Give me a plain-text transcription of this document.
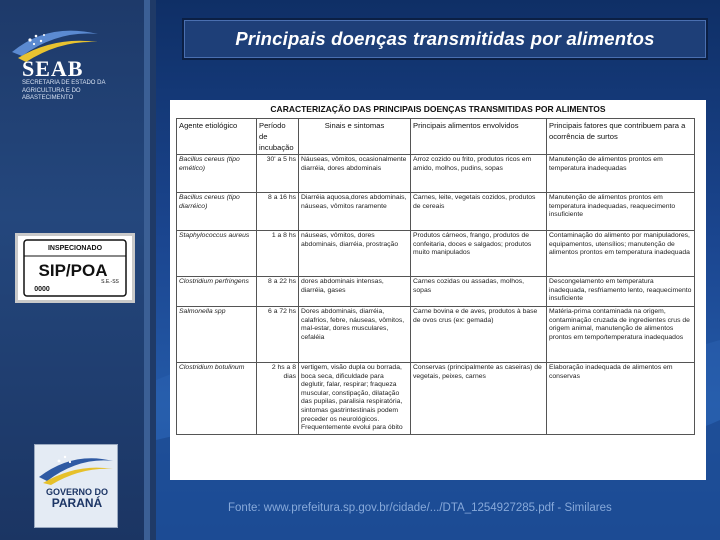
SEAB
SECRETARIA DE ESTADO DA AGRICULTURA E DO ABASTECIMENTO
INSPECIONADO
SIP/POA
0000
S.E.-SS
GOVERNO DO
PARANÁ
Principais doenças transmitidas por alimentos
CARACTERIZAÇÃO DAS PRINCIPAIS DOENÇAS TRANSMITIDAS POR ALIMENTOS
Agente etiológico	Período de incubação	Sinais e sintomas	Principais alimentos envolvidos	Principais fatores que contribuem para a ocorrência de surtos
Bacillus cereus (tipo emético)	30' a 5 hs	Náuseas, vômitos, ocasionalmente diarréia, dores abdominais	Arroz cozido ou frito, produtos ricos em amido, molhos, pudins, sopas	Manutenção de alimentos prontos em temperatura inadequadas
Bacillus cereus (tipo diarréico)	8 a 16 hs	Diarréia aquosa,dores abdominais, náuseas, vômitos raramente	Carnes, leite, vegetais cozidos, produtos de cereais	Manutenção de alimentos prontos em temperatura inadequadas, reaquecimento insuficiente
Staphylococcus aureus	1 a 8 hs	náuseas, vômitos, dores abdominais, diarréia, prostração	Produtos cárneos, frango, produtos de confeitaria, doces e salgados; produtos muito manipulados	Contaminação do alimento por manipuladores, equipamentos, utensílios; manutenção de alimentos prontos em temperatura inadequada
Clostridium perfringens	8 a 22 hs	dores abdominais intensas, diarréia, gases	Carnes cozidas ou assadas, molhos, sopas	Descongelamento em temperatura inadequada, resfriamento lento, reaquecimento insuficiente
Salmonella spp	6 a 72 hs	Dores abdominais, diarréia, calafrios, febre, náuseas, vômitos, mal-estar, dores musculares, cefaléia	Carne bovina e de aves, produtos à base de ovos crus (ex: gemada)	Matéria-prima contaminada na origem, contaminação cruzada de ingredientes crus de origem animal, manutenção de alimentos prontos em tempo/temperatura inadequados
Clostridium botulinum	2 hs a 8 dias	vertigem, visão dupla ou borrada, boca seca, dificuldade para deglutir, falar, respirar; fraqueza muscular, constipação, dilatação das pupilas, paralisia respiratória, sintomas gastrintestinais podem preceder os neurológicos. Frequentemente evolui para óbito	Conservas (principalmente as caseiras) de vegetais, peixes, carnes	Elaboração inadequada de alimentos em conservas
Fonte: www.prefeitura.sp.gov.br/cidade/.../DTA_1254927285.pdf - Similares
